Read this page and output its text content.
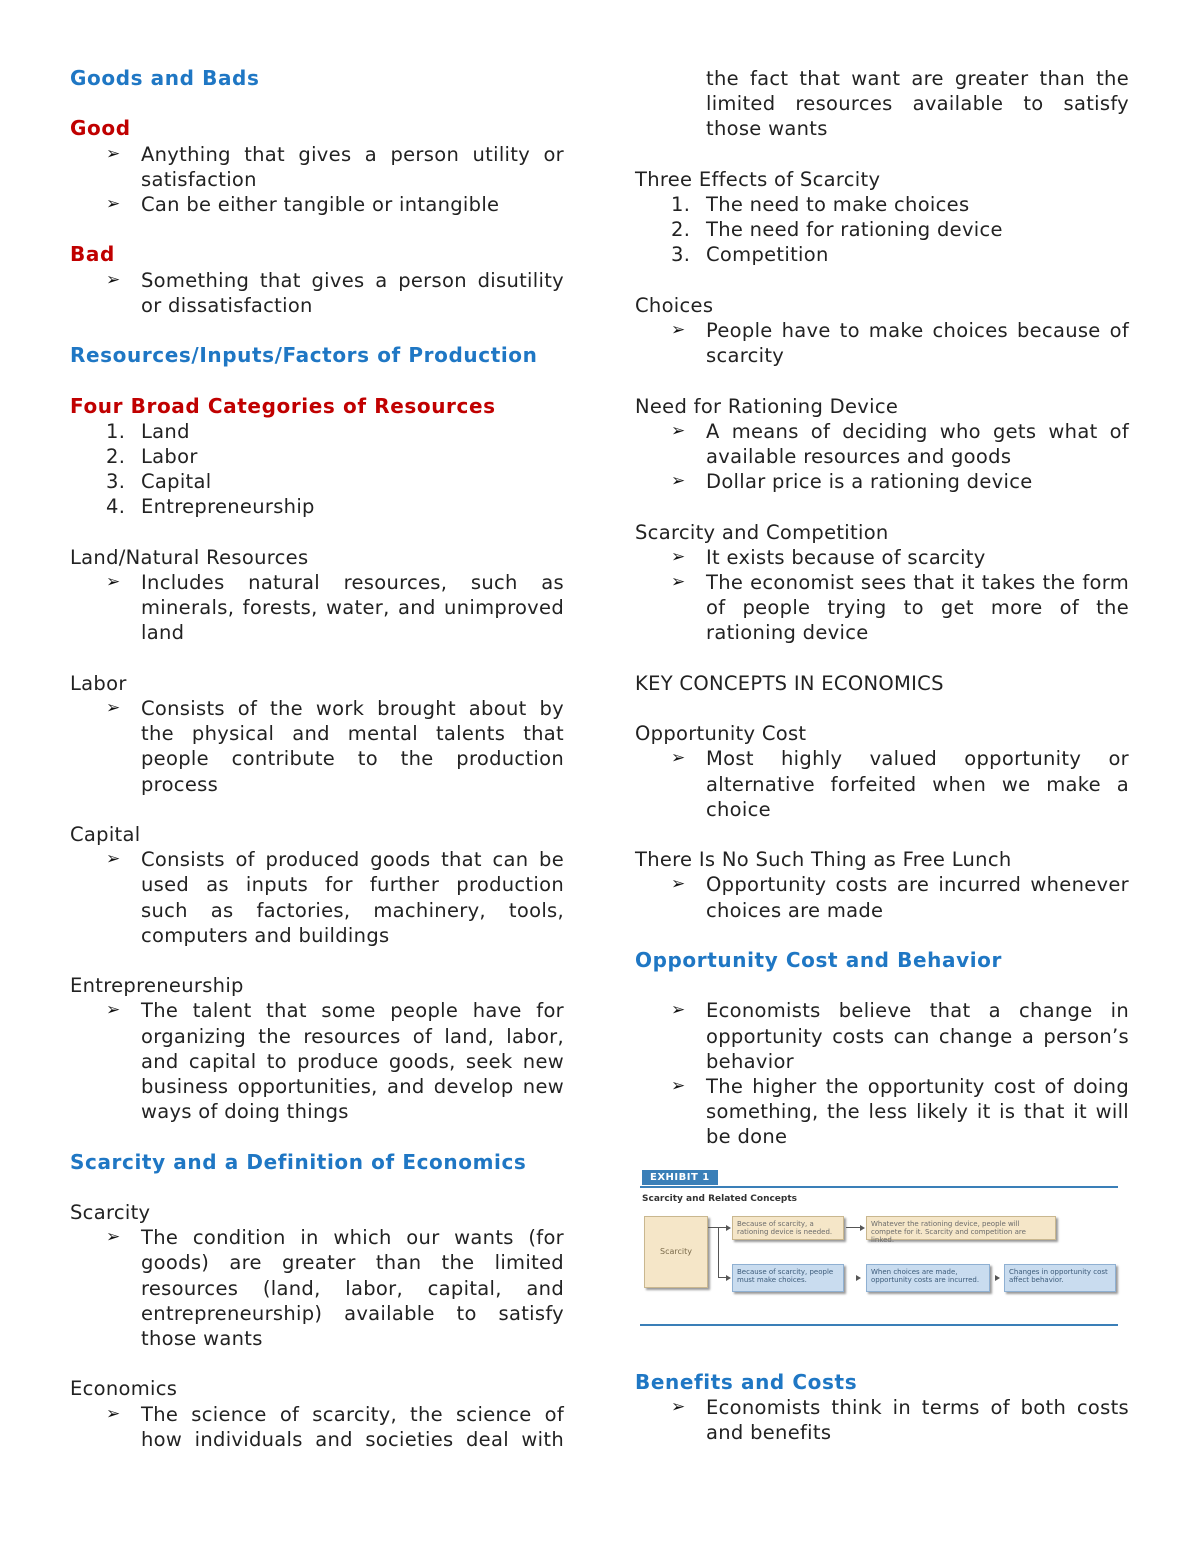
Goods and Bads

Good

➢ Anything that gives a person utility or satisfaction
➢ Can be either tangible or intangible

Bad

➢ Something that gives a person disutility or dissatisfaction

Resources/Inputs/Factors of Production

Four Broad Categories of Resources

1. Land
2. Labor
3. Capital
4. Entrepreneurship

Land/Natural Resources

➢ Includes natural resources, such as minerals, forests, water, and unimproved land

Labor

➢ Consists of the work brought about by the physical and mental talents that people contribute to the production process

Capital

➢ Consists of produced goods that can be used as inputs for further production such as factories, machinery, tools, computers and buildings

Entrepreneurship

➢ The talent that some people have for organizing the resources of land, labor, and capital to produce goods, seek new business opportunities, and develop new ways of doing things

Scarcity and a Definition of Economics

Scarcity

➢ The condition in which our wants (for goods) are greater than the limited resources (land, labor, capital, and entrepreneurship) available to satisfy those wants

Economics

➢ The science of scarcity, the science of how individuals and societies deal with

the fact that want are greater than the limited resources available to satisfy those wants

Three Effects of Scarcity

1. The need to make choices
2. The need for rationing device
3. Competition

Choices

➢ People have to make choices because of scarcity

Need for Rationing Device

➢ A means of deciding who gets what of available resources and goods
➢ Dollar price is a rationing device

Scarcity and Competition

➢ It exists because of scarcity
➢ The economist sees that it takes the form of people trying to get more of the rationing device

KEY CONCEPTS IN ECONOMICS

Opportunity Cost

➢ Most highly valued opportunity or alternative forfeited when we make a choice

There Is No Such Thing as Free Lunch

➢ Opportunity costs are incurred whenever choices are made

Opportunity Cost and Behavior

➢ Economists believe that a change in opportunity costs can change a person’s behavior
➢ The higher the opportunity cost of doing something, the less likely it is that it will be done
EXHIBIT 1
Scarcity and Related Concepts
Scarcity
Because of scarcity, a rationing device is needed.
Whatever the rationing device, people will compete for it. Scarcity and competition are linked.
Because of scarcity, people must make choices.
When choices are made, opportunity costs are incurred.
Changes in opportunity cost affect behavior.

Benefits and Costs

➢ Economists think in terms of both costs and benefits
